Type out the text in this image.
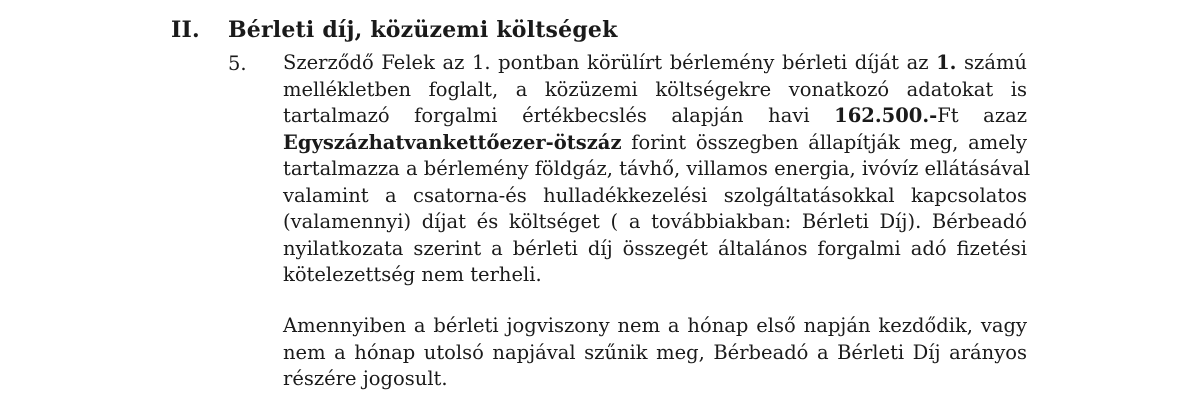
II. Bérleti díj, közüzemi költségek
5. Szerződő Felek az 1. pontban körülírt bérlemény bérleti díját az 1. számú
mellékletben foglalt, a közüzemi költségekre vonatkozó adatokat is
tartalmazó forgalmi értékbecslés alapján havi 162.500.-Ft azaz
Egyszázhatvankettőezer-ötszáz forint összegben állapítják meg, amely
tartalmazza a bérlemény földgáz, távhő, villamos energia, ivóvíz ellátásával
valamint a csatorna-és hulladékkezelési szolgáltatásokkal kapcsolatos
(valamennyi) díjat és költséget ( a továbbiakban: Bérleti Díj). Bérbeadó
nyilatkozata szerint a bérleti díj összegét általános forgalmi adó fizetési
kötelezettség nem terheli.
Amennyiben a bérleti jogviszony nem a hónap első napján kezdődik, vagy
nem a hónap utolsó napjával szűnik meg, Bérbeadó a Bérleti Díj arányos
részére jogosult.
